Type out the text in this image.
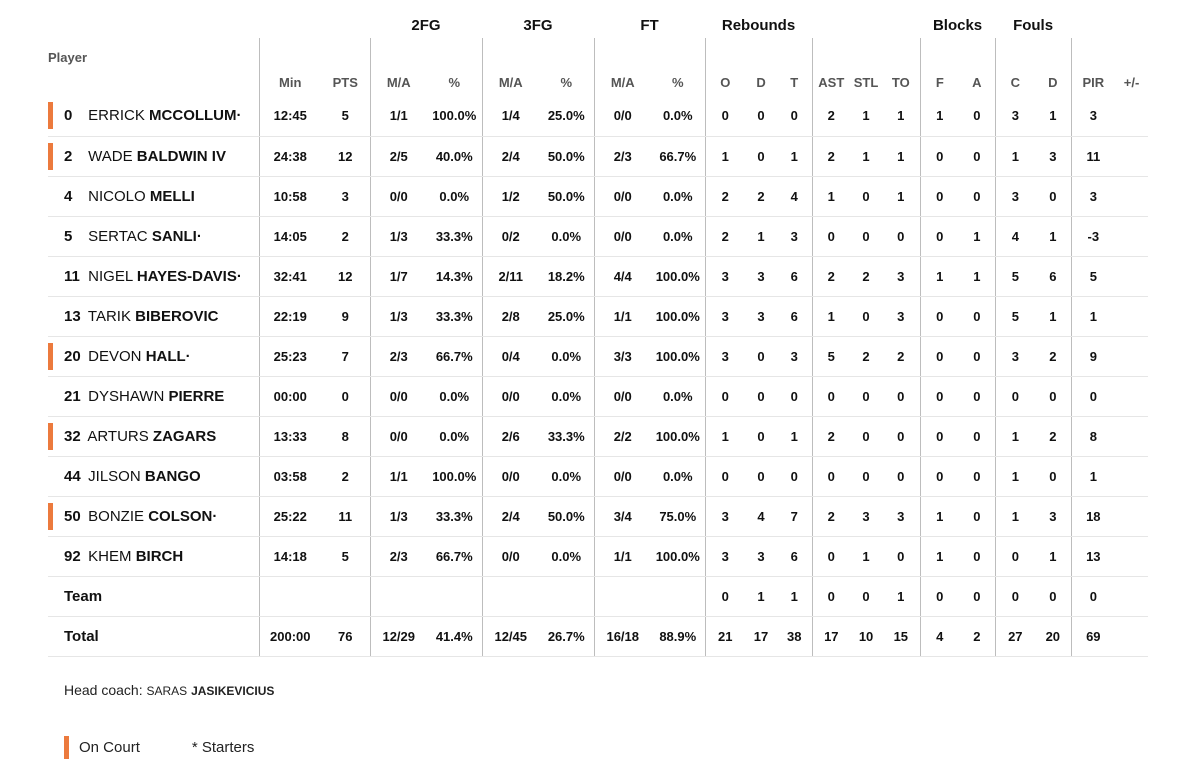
			2FG		3FG		FT		Rebounds						Blocks		Fouls			
Player	Min	PTS	M/A	%	M/A	%	M/A	%	O	D	T	AST	STL	TO	F	A	C	D	PIR	+/-

0 ERRICK MCCOLLUM·	12:45	5	1/1	100.0%	1/4	25.0%	0/0	0.0%	0	0	0	2	1	1	1	0	3	1	3	

2 WADE BALDWIN IV	24:38	12	2/5	40.0%	2/4	50.0%	2/3	66.7%	1	0	1	2	1	1	0	0	1	3	11	
4 NICOLO MELLI	10:58	3	0/0	0.0%	1/2	50.0%	0/0	0.0%	2	2	4	1	0	1	0	0	3	0	3	
5 SERTAC SANLI·	14:05	2	1/3	33.3%	0/2	0.0%	0/0	0.0%	2	1	3	0	0	0	0	1	4	1	-3	
11 NIGEL HAYES-DAVIS·	32:41	12	1/7	14.3%	2/11	18.2%	4/4	100.0%	3	3	6	2	2	3	1	1	5	6	5	
13 TARIK BIBEROVIC	22:19	9	1/3	33.3%	2/8	25.0%	1/1	100.0%	3	3	6	1	0	3	0	0	5	1	1	

20 DEVON HALL·	25:23	7	2/3	66.7%	0/4	0.0%	3/3	100.0%	3	0	3	5	2	2	0	0	3	2	9	
21 DYSHAWN PIERRE	00:00	0	0/0	0.0%	0/0	0.0%	0/0	0.0%	0	0	0	0	0	0	0	0	0	0	0	

32 ARTURS ZAGARS	13:33	8	0/0	0.0%	2/6	33.3%	2/2	100.0%	1	0	1	2	0	0	0	0	1	2	8	
44 JILSON BANGO	03:58	2	1/1	100.0%	0/0	0.0%	0/0	0.0%	0	0	0	0	0	0	0	0	1	0	1	

50 BONZIE COLSON·	25:22	11	1/3	33.3%	2/4	50.0%	3/4	75.0%	3	4	7	2	3	3	1	0	1	3	18	
92 KHEM BIRCH	14:18	5	2/3	66.7%	0/0	0.0%	1/1	100.0%	3	3	6	0	1	0	1	0	0	1	13	
Team									0	1	1	0	0	1	0	0	0	0	0	
Total	200:00	76	12/29	41.4%	12/45	26.7%	16/18	88.9%	21	17	38	17	10	15	4	2	27	20	69	
Head coach: SARAS JASIKEVICIUS
On Court	* Starters
